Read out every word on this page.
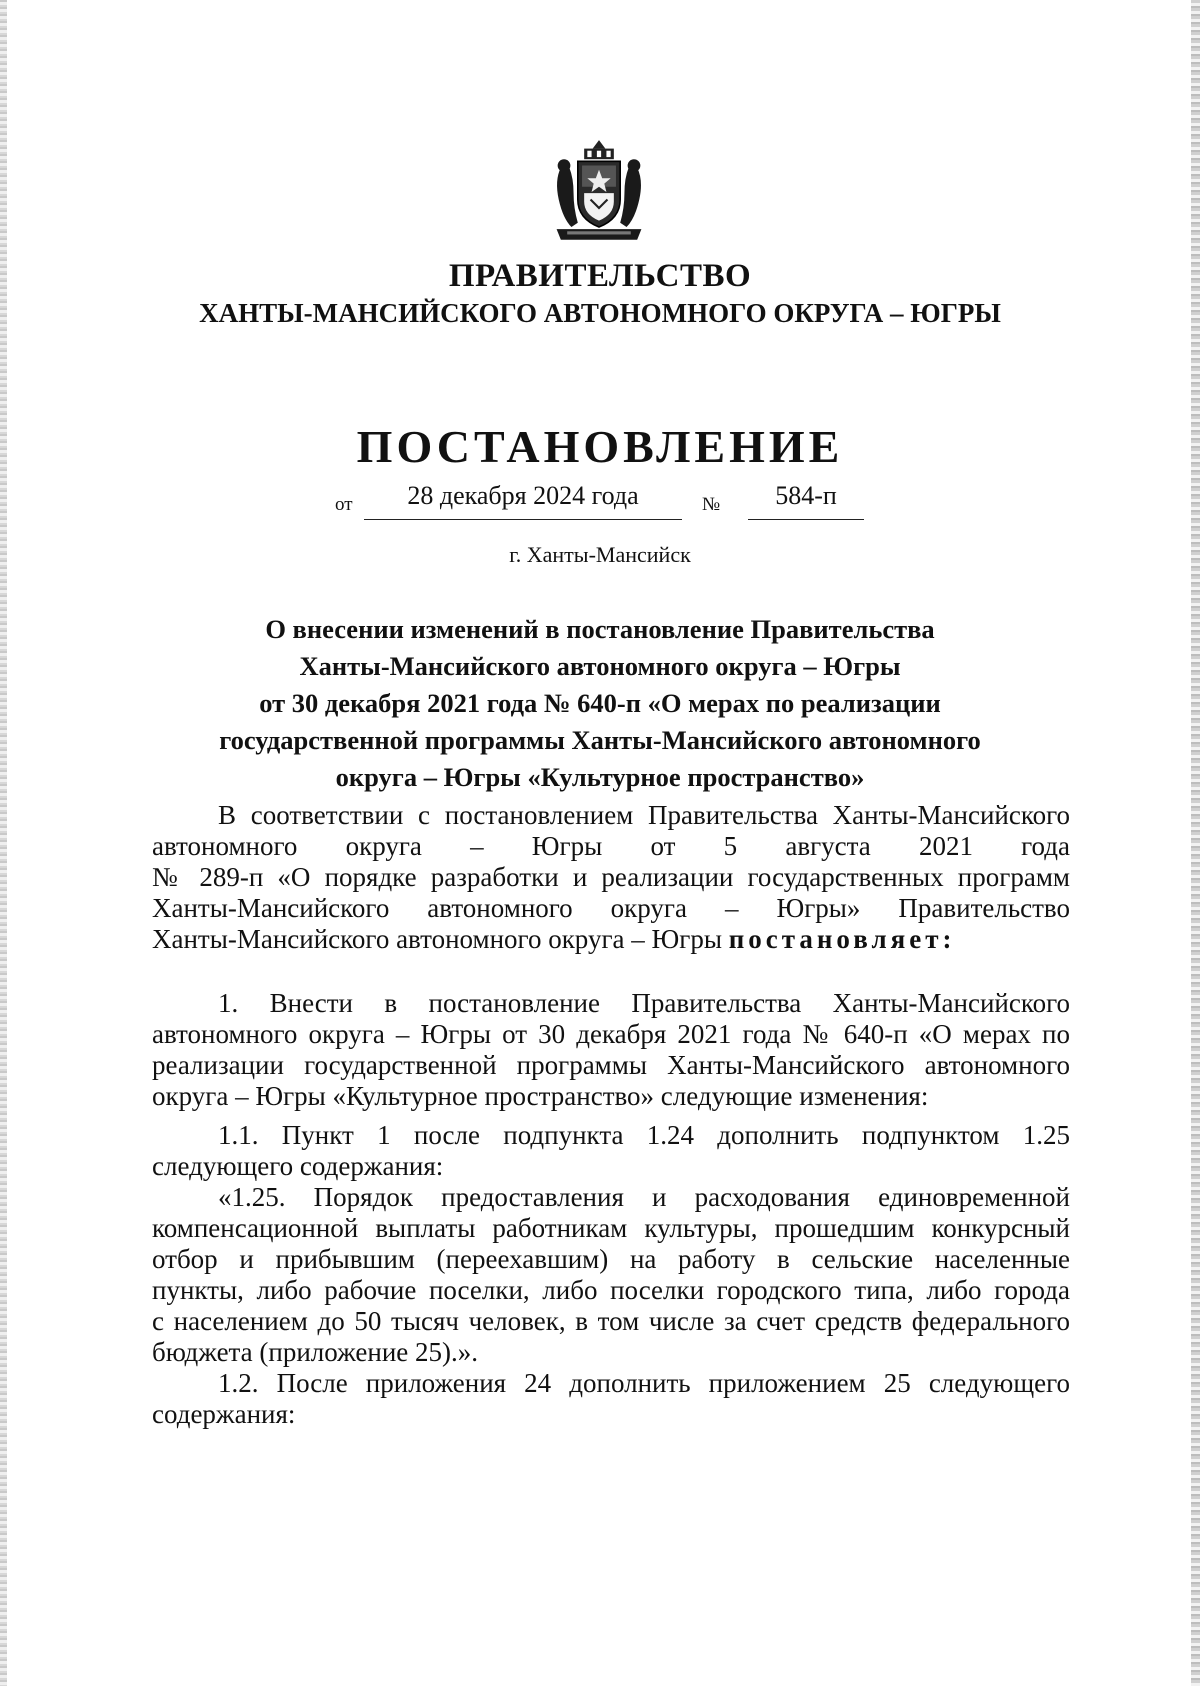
ПРАВИТЕЛЬСТВО
ХАНТЫ-МАНСИЙСКОГО АВТОНОМНОГО ОКРУГА – ЮГРЫ
ПОСТАНОВЛЕНИЕ
от	28 декабря 2024 года	№	584-п
г. Ханты-Мансийск
О внесении изменений в постановление Правительства
Ханты-Мансийского автономного округа – Югры
от 30 декабря 2021 года № 640-п «О мерах по реализации
государственной программы Ханты-Мансийского автономного
округа – Югры «Культурное пространство»
В соответствии с постановлением Правительства Ханты-Мансийского
автономного округа – Югры от 5 августа 2021 года
№ 289-п «О порядке разработки и реализации государственных программ
Ханты-Мансийского автономного округа – Югры» Правительство
Ханты-Мансийского автономного округа – Югры постановляет:
1. Внести в постановление Правительства Ханты-Мансийского
автономного округа – Югры от 30 декабря 2021 года № 640-п «О мерах по
реализации государственной программы Ханты-Мансийского автономного
округа – Югры «Культурное пространство» следующие изменения:
1.1. Пункт 1 после подпункта 1.24 дополнить подпунктом 1.25
следующего содержания:
«1.25. Порядок предоставления и расходования единовременной
компенсационной выплаты работникам культуры, прошедшим конкурсный
отбор и прибывшим (переехавшим) на работу в сельские населенные
пункты, либо рабочие поселки, либо поселки городского типа, либо города
с населением до 50 тысяч человек, в том числе за счет средств федерального
бюджета (приложение 25).».
1.2. После приложения 24 дополнить приложением 25 следующего
содержания:
